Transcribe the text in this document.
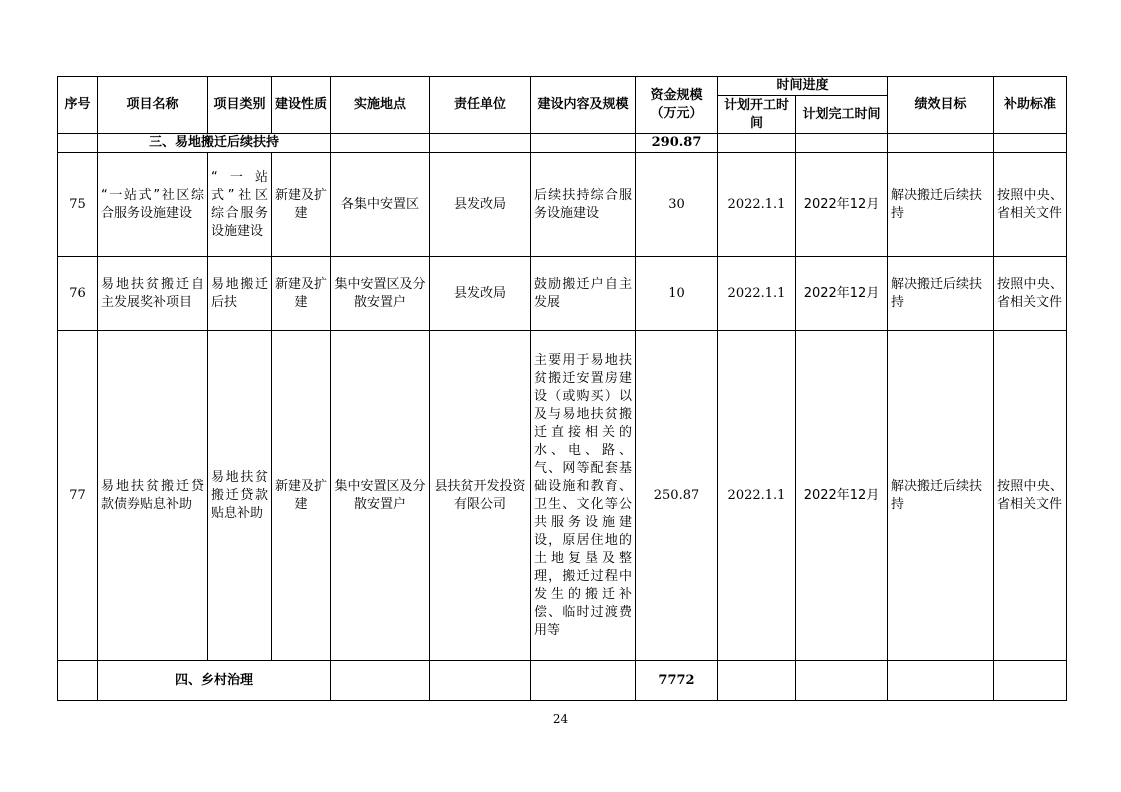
序号	项目名称	项目类别	建设性质	实施地点	责任单位	建设内容及规模	资金规模（万元）	时间进度		绩效目标	补助标准
								计划开工时间	计划完工时间		
	三、易地搬迁后续扶持						290.87				
75	“一站式”社区综合服务设施建设	“一站式”社区综合服务设施建设	新建及扩建	各集中安置区	县发改局	后续扶持综合服务设施建设	30	2022.1.1	2022年12月	解决搬迁后续扶持	按照中央、省相关文件
76	易地扶贫搬迁自主发展奖补项目	易地搬迁后扶	新建及扩建	集中安置区及分散安置户	县发改局	鼓励搬迁户自主发展	10	2022.1.1	2022年12月	解决搬迁后续扶持	按照中央、省相关文件
77	易地扶贫搬迁贷款债券贴息补助	易地扶贫搬迁贷款贴息补助	新建及扩建	集中安置区及分散安置户	县扶贫开发投资有限公司	主要用于易地扶贫搬迁安置房建设（或购买）以及与易地扶贫搬迁直接相关的水、电、路、气、网等配套基础设施和教育、卫生、文化等公共服务设施建设，原居住地的土地复垦及整理，搬迁过程中发生的搬迁补偿、临时过渡费用等	250.87	2022.1.1	2022年12月	解决搬迁后续扶持	按照中央、省相关文件
	四、乡村治理						7772				
24
